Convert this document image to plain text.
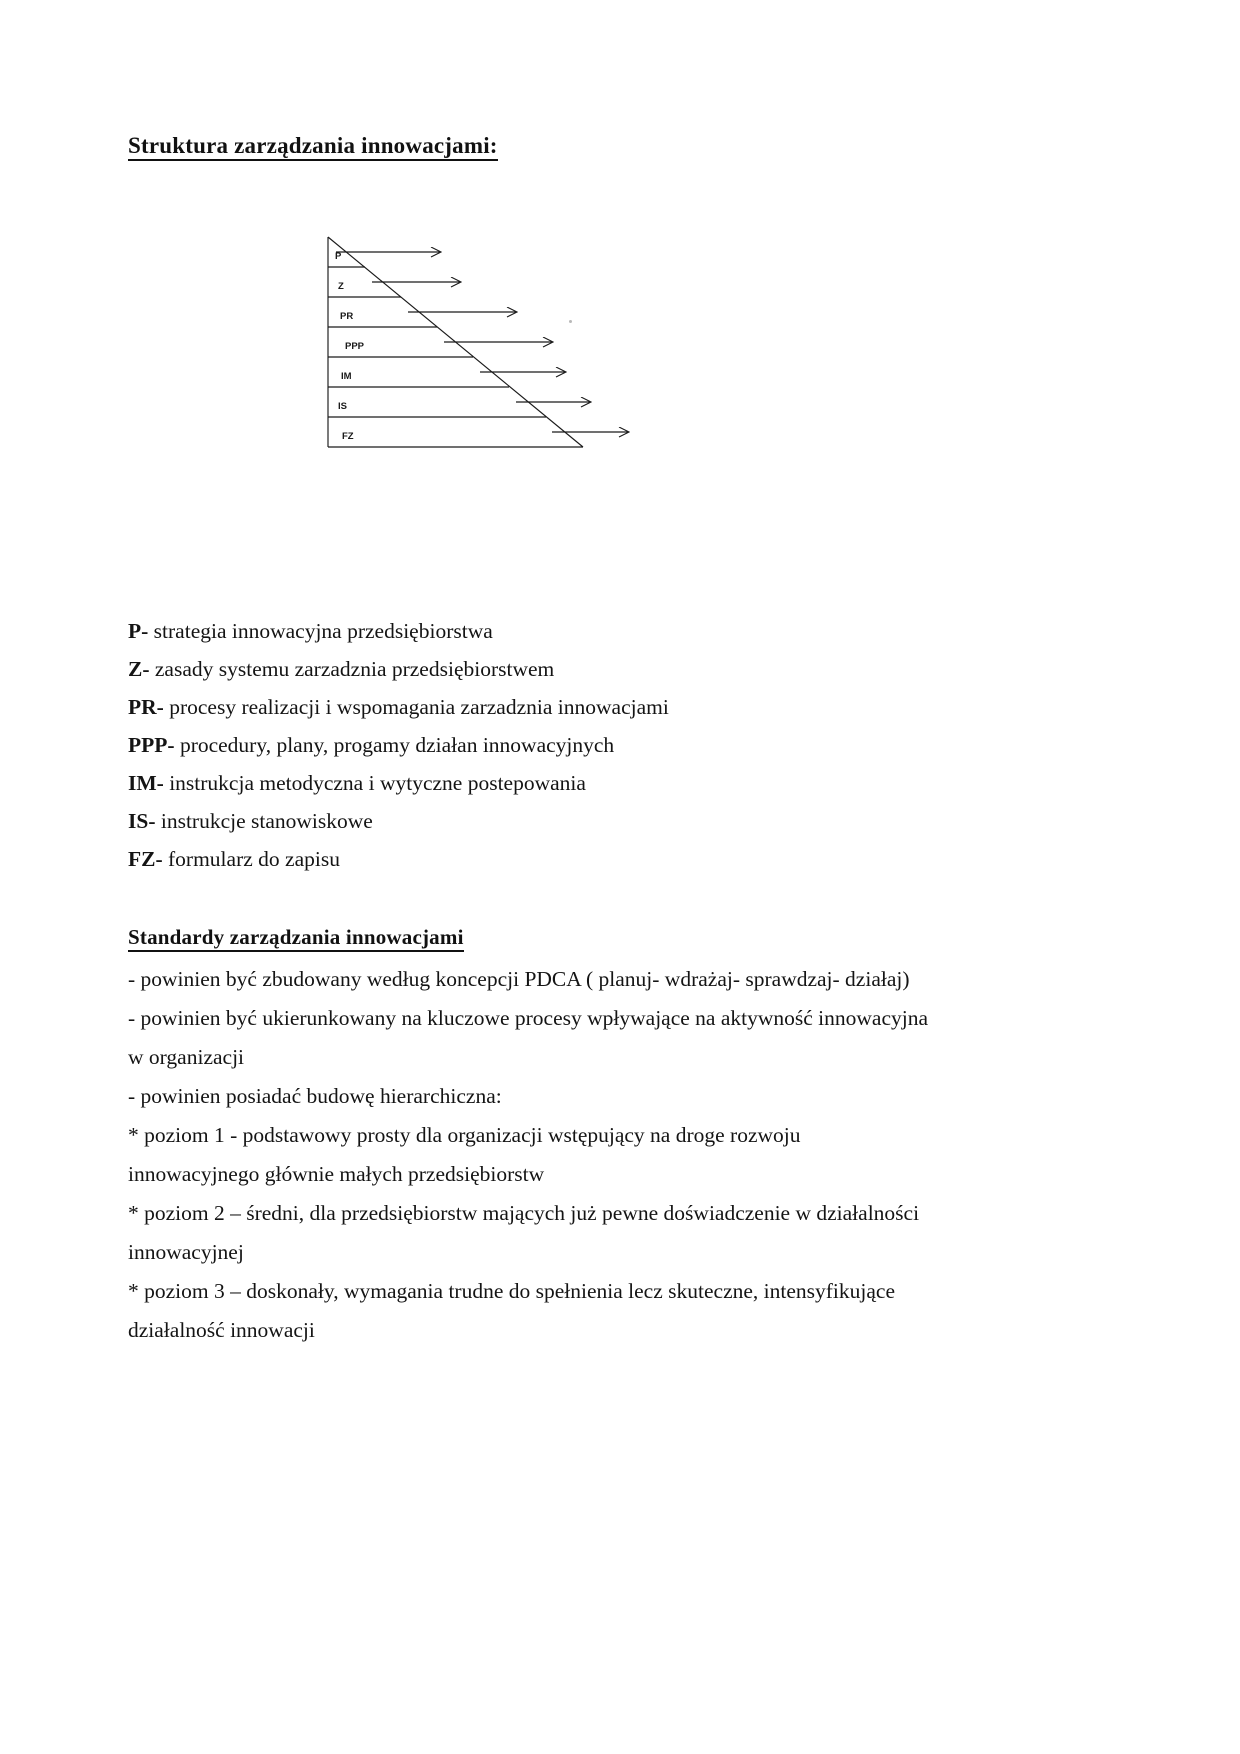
Struktura zarządzania innowacjami:
P
Z
PR
PPP
IM
IS
FZ
P- strategia innowacyjna przedsiębiorstwa
Z- zasady systemu zarzadznia przedsiębiorstwem
PR- procesy realizacji i wspomagania zarzadznia innowacjami
PPP- procedury, plany, progamy działan innowacyjnych
IM- instrukcja metodyczna i wytyczne postepowania
IS- instrukcje stanowiskowe
FZ- formularz do zapisu
Standardy zarządzania innowacjami
- powinien być zbudowany według koncepcji PDCA ( planuj- wdrażaj- sprawdzaj- działaj)
- powinien być ukierunkowany na kluczowe procesy wpływające na aktywność innowacyjna
w organizacji
- powinien posiadać budowę hierarchiczna:
* poziom 1 - podstawowy prosty dla organizacji wstępujący na droge rozwoju
innowacyjnego głównie małych przedsiębiorstw
* poziom 2 – średni, dla przedsiębiorstw mających już pewne doświadczenie w działalności
innowacyjnej
* poziom 3 – doskonały, wymagania trudne do spełnienia lecz skuteczne, intensyfikujące
działalność innowacji
